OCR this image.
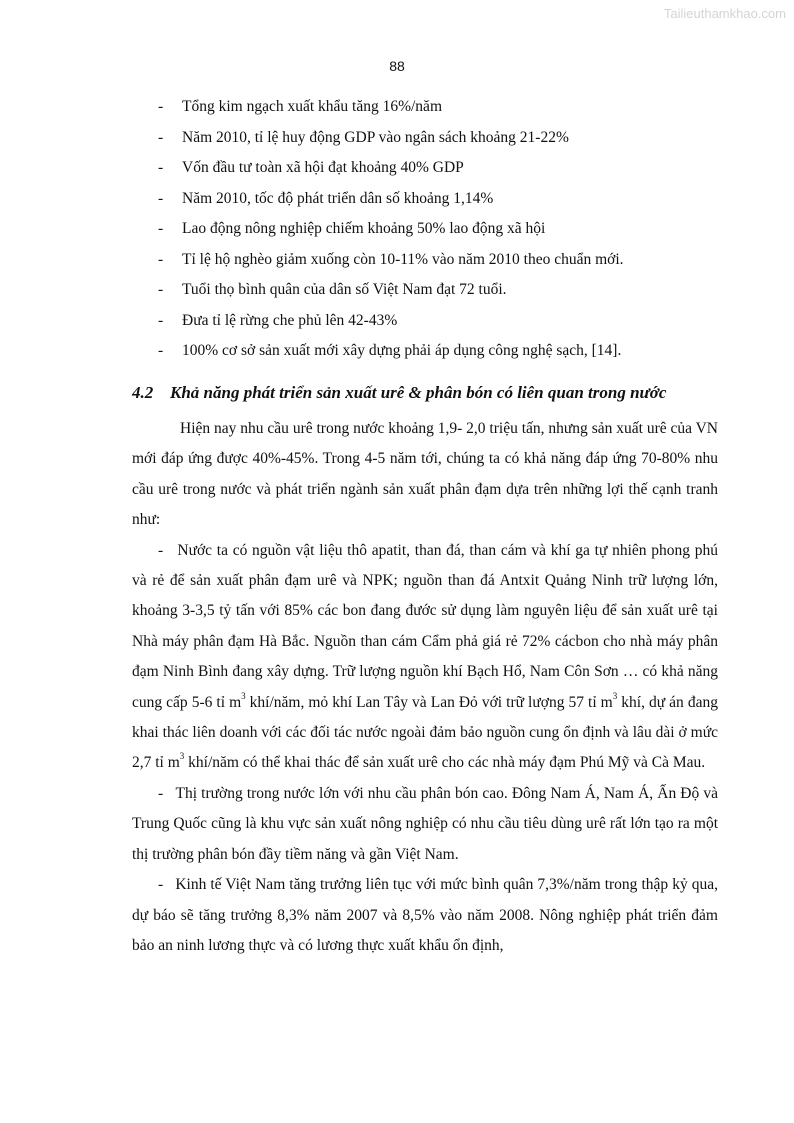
Tailieuthamkhao.com
88
- Tổng kim ngạch xuất khẩu tăng 16%/năm
- Năm 2010, tỉ lệ huy động GDP vào ngân sách khoảng 21-22%
- Vốn đầu tư toàn xã hội đạt khoảng 40% GDP
- Năm 2010, tốc độ phát triển dân số khoảng 1,14%
- Lao động nông nghiệp chiếm khoảng 50% lao động xã hội
- Tỉ lệ hộ nghèo giảm xuống còn 10-11% vào năm 2010 theo chuẩn mới.
- Tuổi thọ bình quân của dân số Việt Nam đạt 72 tuổi.
- Đưa tỉ lệ rừng che phủ lên 42-43%
- 100% cơ sở sản xuất mới xây dựng phải áp dụng công nghệ sạch, [14].
4.2 Khả năng phát triển sản xuất urê & phân bón có liên quan trong nước

Hiện nay nhu cầu urê trong nước khoảng 1,9- 2,0 triệu tấn, nhưng sản xuất urê của VN mới đáp ứng được 40%-45%. Trong 4-5 năm tới, chúng ta có khả năng đáp ứng 70-80% nhu cầu urê trong nước và phát triển ngành sản xuất phân đạm dựa trên những lợi thế cạnh tranh như:

- Nước ta có nguồn vật liệu thô apatit, than đá, than cám và khí ga tự nhiên phong phú và rẻ để sản xuất phân đạm urê và NPK; nguồn than đá Antxit Quảng Ninh trữ lượng lớn, khoảng 3-3,5 tỷ tấn với 85% các bon đang đước sử dụng làm nguyên liệu để sản xuất urê tại Nhà máy phân đạm Hà Bắc. Nguồn than cám Cẩm phả giá rẻ 72% cácbon cho nhà máy phân đạm Ninh Bình đang xây dựng. Trữ lượng nguồn khí Bạch Hổ, Nam Côn Sơn … có khả năng cung cấp 5-6 tỉ $m^3$ khí/năm, mỏ khí Lan Tây và Lan Đỏ với trữ lượng 57 tỉ $m^3$ khí, dự án đang khai thác liên doanh với các đối tác nước ngoài đảm bảo nguồn cung ổn định và lâu dài ở mức 2,7 tỉ $m^3$ khí/năm có thể khai thác để sản xuất urê cho các nhà máy đạm Phú Mỹ và Cà Mau.

- Thị trường trong nước lớn với nhu cầu phân bón cao. Đông Nam Á, Nam Á, Ấn Độ và Trung Quốc cũng là khu vực sản xuất nông nghiệp có nhu cầu tiêu dùng urê rất lớn tạo ra một thị trường phân bón đầy tiềm năng và gần Việt Nam.

- Kinh tế Việt Nam tăng trưởng liên tục với mức bình quân 7,3%/năm trong thập kỷ qua, dự báo sẽ tăng trưởng 8,3% năm 2007 và 8,5% vào năm 2008. Nông nghiệp phát triển đảm bảo an ninh lương thực và có lương thực xuất khẩu ổn định,
